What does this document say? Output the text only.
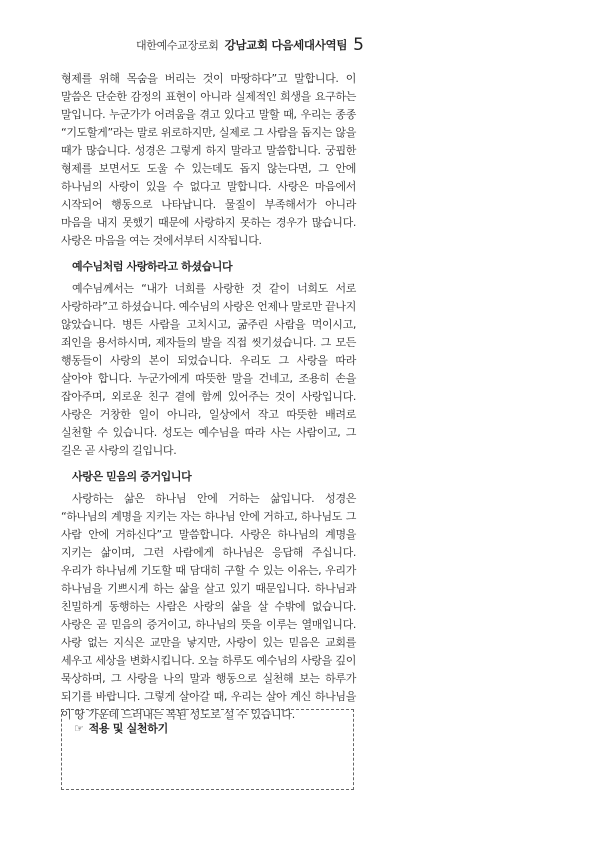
대한예수교장로회 강남교회 다음세대사역팀 5

형제를 위해 목숨을 버리는 것이 마땅하다”고 말합니다. 이 말씀은 단순한 감정의 표현이 아니라 실제적인 희생을 요구하는 말입니다. 누군가가 어려움을 겪고 있다고 말할 때, 우리는 종종 “기도할게”라는 말로 위로하지만, 실제로 그 사람을 돕지는 않을 때가 많습니다. 성경은 그렇게 하지 말라고 말씀합니다. 궁핍한 형제를 보면서도 도울 수 있는데도 돕지 않는다면, 그 안에 하나님의 사랑이 있을 수 없다고 말합니다. 사랑은 마음에서 시작되어 행동으로 나타납니다. 물질이 부족해서가 아니라 마음을 내지 못했기 때문에 사랑하지 못하는 경우가 많습니다. 사랑은 마음을 여는 것에서부터 시작됩니다.

예수님처럼 사랑하라고 하셨습니다

예수님께서는 “내가 너희를 사랑한 것 같이 너희도 서로 사랑하라”고 하셨습니다. 예수님의 사랑은 언제나 말로만 끝나지 않았습니다. 병든 사람을 고치시고, 굶주린 사람을 먹이시고, 죄인을 용서하시며, 제자들의 발을 직접 씻기셨습니다. 그 모든 행동들이 사랑의 본이 되었습니다. 우리도 그 사랑을 따라 살아야 합니다. 누군가에게 따뜻한 말을 건네고, 조용히 손을 잡아주며, 외로운 친구 곁에 함께 있어주는 것이 사랑입니다. 사랑은 거창한 일이 아니라, 일상에서 작고 따뜻한 배려로 실천할 수 있습니다. 성도는 예수님을 따라 사는 사람이고, 그 길은 곧 사랑의 길입니다.

사랑은 믿음의 증거입니다

사랑하는 삶은 하나님 안에 거하는 삶입니다. 성경은 “하나님의 계명을 지키는 자는 하나님 안에 거하고, 하나님도 그 사람 안에 거하신다”고 말씀합니다. 사랑은 하나님의 계명을 지키는 삶이며, 그런 사람에게 하나님은 응답해 주십니다. 우리가 하나님께 기도할 때 담대히 구할 수 있는 이유는, 우리가 하나님을 기쁘시게 하는 삶을 살고 있기 때문입니다. 하나님과 친밀하게 동행하는 사람은 사랑의 삶을 살 수밖에 없습니다. 사랑은 곧 믿음의 증거이고, 하나님의 뜻을 이루는 열매입니다. 사랑 없는 지식은 교만을 낳지만, 사랑이 있는 믿음은 교회를 세우고 세상을 변화시킵니다. 오늘 하루도 예수님의 사랑을 깊이 묵상하며, 그 사랑을 나의 말과 행동으로 실천해 보는 하루가 되기를 바랍니다. 그렇게 살아갈 때, 우리는 살아 계신 하나님을 이 땅 가운데 드러내는 복된 성도로 설 수 있습니다.

☞ 적용 및 실천하기
